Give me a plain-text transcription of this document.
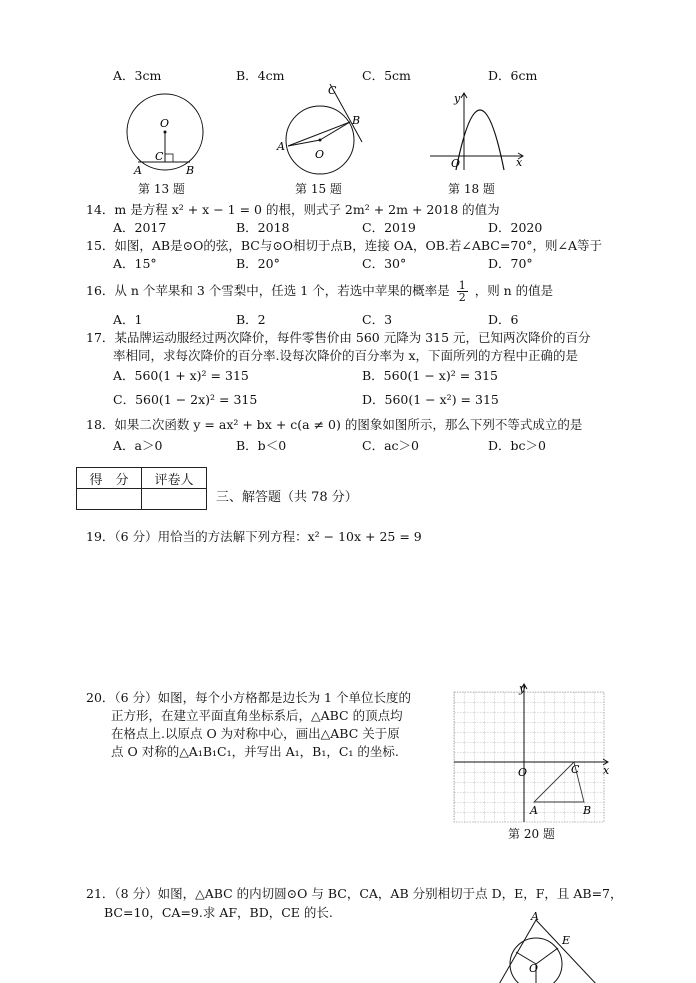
A．3cm	B．4cm	C．5cm	D．6cm
O
C
A	B
第 13 题
C
B
A
O
第 15 题
y
O	x
第 18 题
14．m 是方程 x² + x − 1 = 0 的根，则式子 2m² + 2m + 2018 的值为
A．2017	B．2018	C．2019	D．2020
15．如图，AB是⊙O的弦，BC与⊙O相切于点B，连接 OA，OB.若∠ABC=70°，则∠A等于
A．15°	B．20°	C．30°	D．70°
16．从 n 个苹果和 3 个雪梨中，任选 1 个，若选中苹果的概率是 $\frac{1}{2}$ ，则 n 的值是
A．1	B．2	C．3	D．6
17．某品牌运动服经过两次降价，每件零售价由 560 元降为 315 元，已知两次降价的百分
率相同，求每次降价的百分率.设每次降价的百分率为 x，下面所列的方程中正确的是
A．560(1 + x)² = 315	B．560(1 − x)² = 315
C．560(1 − 2x)² = 315	D．560(1 − x²) = 315
18．如果二次函数 y = ax² + bx + c(a ≠ 0) 的图象如图所示，那么下列不等式成立的是
A．a＞0	B．b＜0	C．ac＞0	D．bc＞0
得　分	评卷人

三、解答题（共 78 分）
19．（6 分）用恰当的方法解下列方程：x² − 10x + 25 = 9
20．（6 分）如图，每个小方格都是边长为 1 个单位长度的
正方形，在建立平面直角坐标系后，△ABC 的顶点均
在格点上.以原点 O 为对称中心，画出△ABC 关于原
点 O 对称的△A₁B₁C₁，并写出 A₁，B₁，C₁ 的坐标.
y
x
O
A	B
C
第 20 题
21．（8 分）如图，△ABC 的内切圆⊙O 与 BC，CA，AB 分别相切于点 D，E，F，且 AB=7，
BC=10，CA=9.求 AF，BD，CE 的长.	A
E
O
